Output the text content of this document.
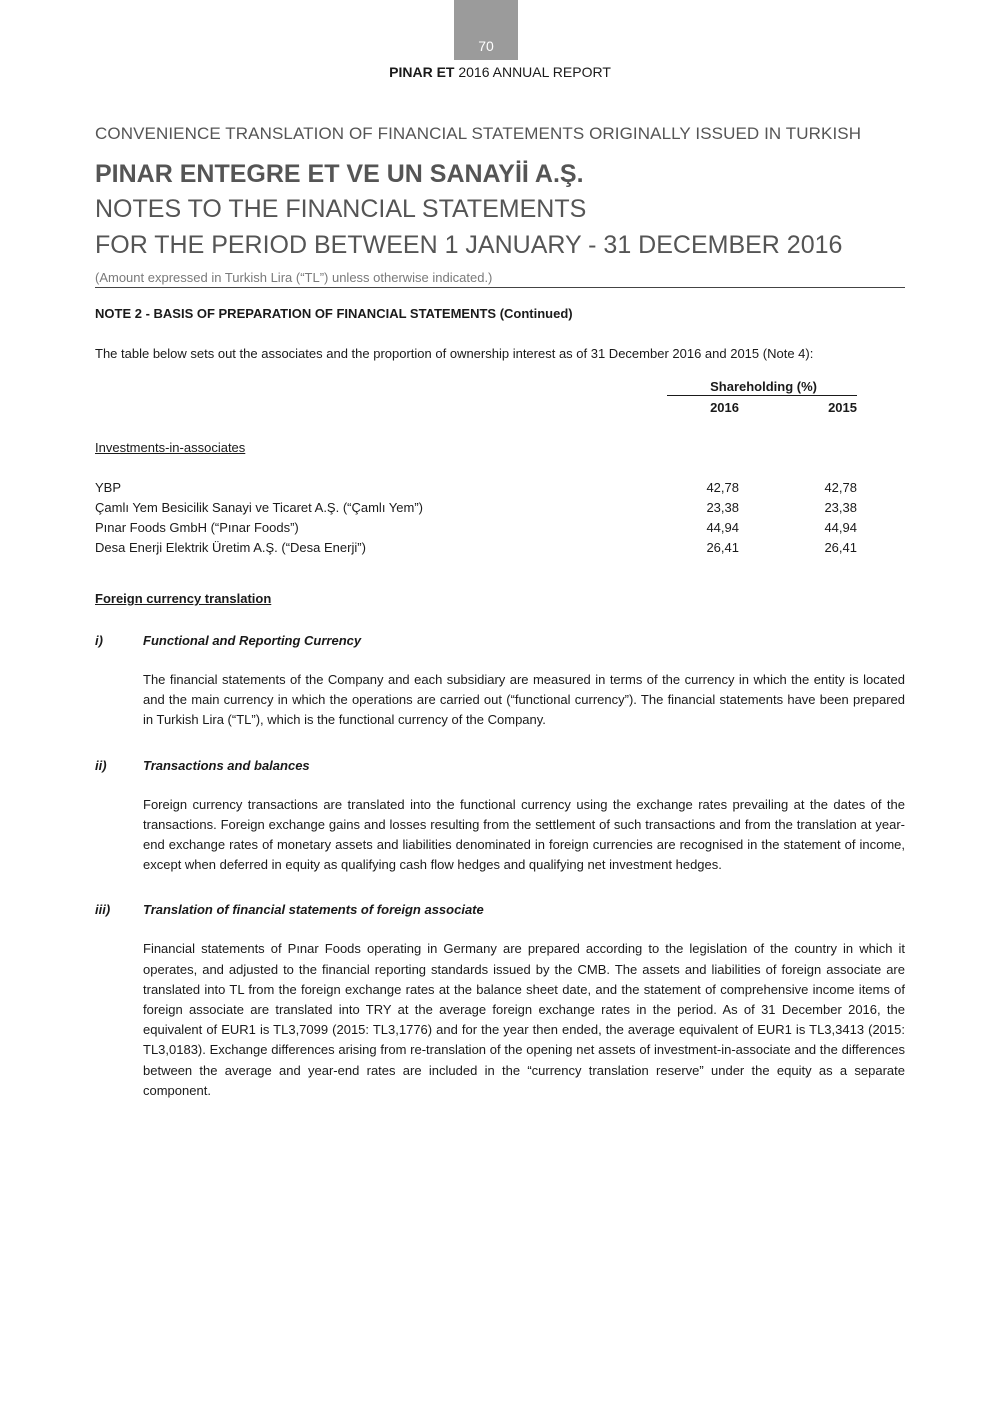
70
PINAR ET 2016 ANNUAL REPORT
CONVENIENCE TRANSLATION OF FINANCIAL STATEMENTS ORIGINALLY ISSUED IN TURKISH
PINAR ENTEGRE ET VE UN SANAYİİ A.Ş.
NOTES TO THE FINANCIAL STATEMENTS
FOR THE PERIOD BETWEEN 1 JANUARY - 31 DECEMBER 2016
(Amount expressed in Turkish Lira (“TL”) unless otherwise indicated.)
NOTE 2 - BASIS OF PREPARATION OF FINANCIAL STATEMENTS (Continued)
The table below sets out the associates and the proportion of ownership interest as of 31 December 2016 and 2015 (Note 4):
Shareholding (%)
2016	2015
Investments-in-associates
YBP	42,78	42,78
Çamlı Yem Besicilik Sanayi ve Ticaret A.Ş. (“Çamlı Yem”)	23,38	23,38
Pınar Foods GmbH (“Pınar Foods”)	44,94	44,94
Desa Enerji Elektrik Üretim A.Ş. (“Desa Enerji”)	26,41	26,41
Foreign currency translation
i)	Functional and Reporting Currency
The financial statements of the Company and each subsidiary are measured in terms of the currency in which the entity is located and the main currency in which the operations are carried out (“functional currency”). The financial statements have been prepared in Turkish Lira (“TL”), which is the functional currency of the Company.
ii)	Transactions and balances
Foreign currency transactions are translated into the functional currency using the exchange rates prevailing at the dates of the transactions. Foreign exchange gains and losses resulting from the settlement of such transactions and from the translation at year-end exchange rates of monetary assets and liabilities denominated in foreign currencies are recognised in the statement of income, except when deferred in equity as qualifying cash flow hedges and qualifying net investment hedges.
iii)	Translation of financial statements of foreign associate
Financial statements of Pınar Foods operating in Germany are prepared according to the legislation of the country in which it operates, and adjusted to the financial reporting standards issued by the CMB. The assets and liabilities of foreign associate are translated into TL from the foreign exchange rates at the balance sheet date, and the statement of comprehensive income items of foreign associate are translated into TRY at the average foreign exchange rates in the period. As of 31 December 2016, the equivalent of EUR1 is TL3,7099 (2015: TL3,1776) and for the year then ended, the average equivalent of EUR1 is TL3,3413 (2015: TL3,0183). Exchange differences arising from re-translation of the opening net assets of investment-in-associate and the differences between the average and year-end rates are included in the “currency translation reserve” under the equity as a separate component.
